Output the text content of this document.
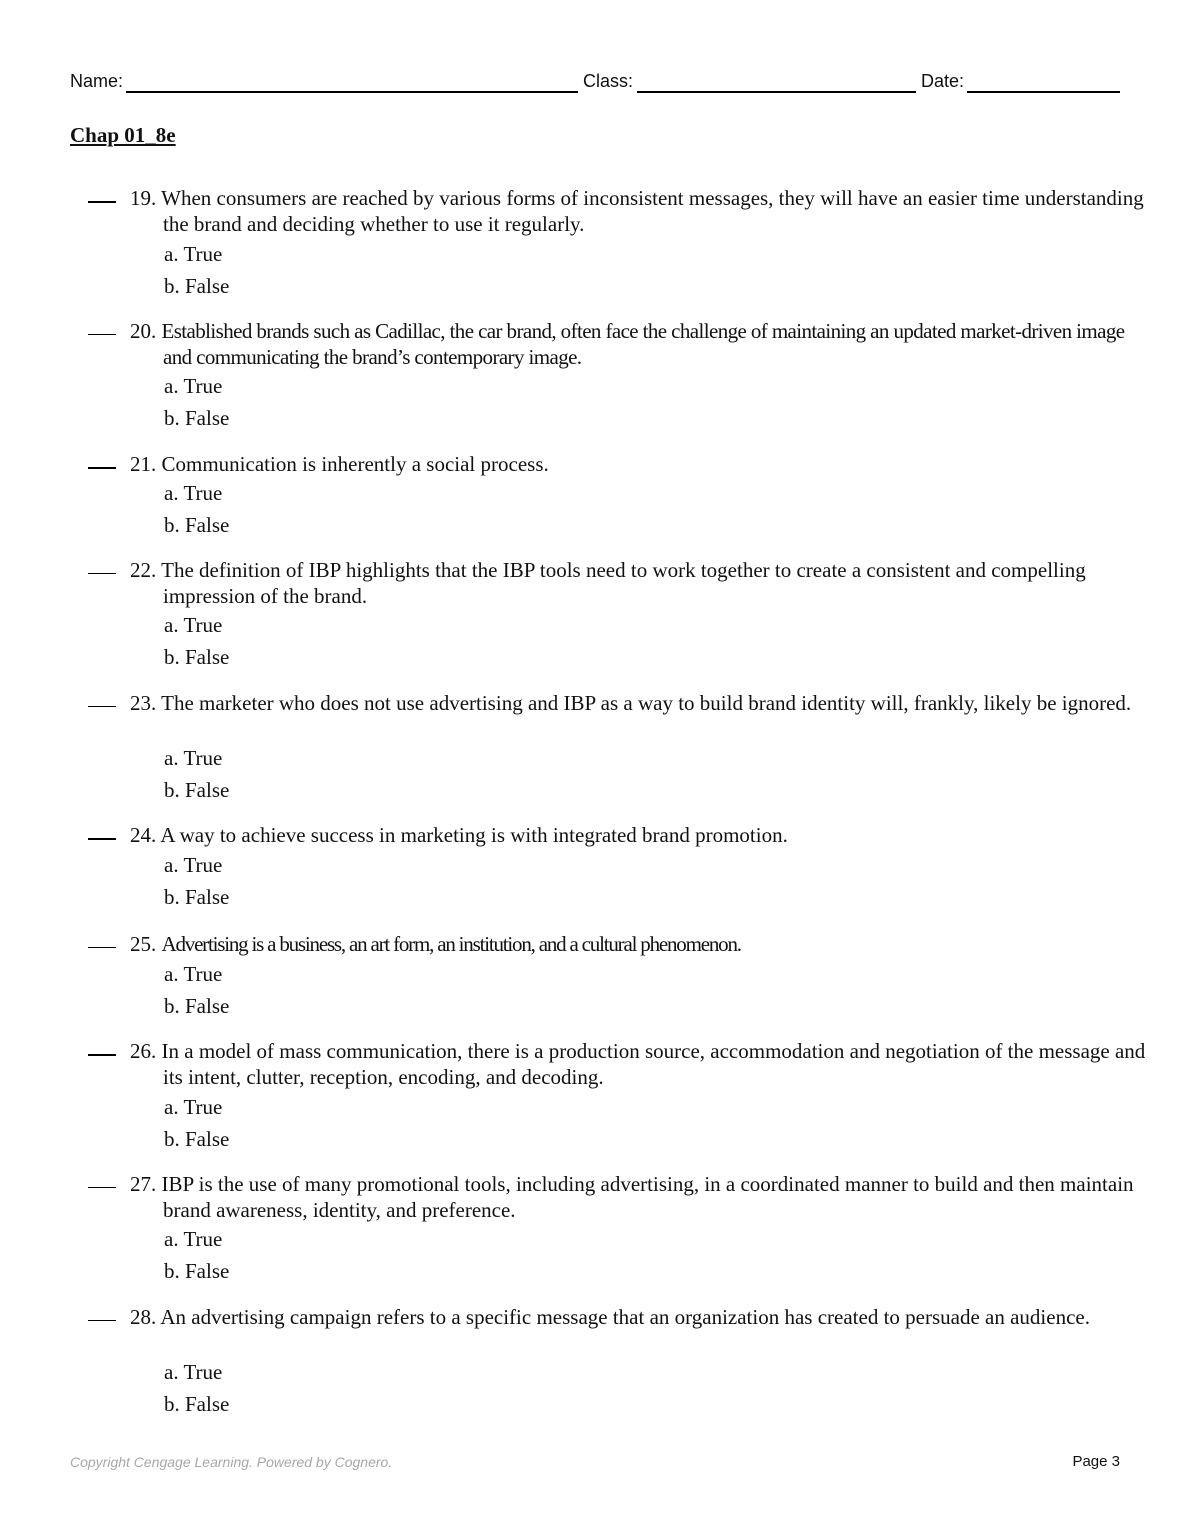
Name:	Class:	Date:
Chap 01_8e

19. When consumers are reached by various forms of inconsistent messages, they will have an easier time understanding the brand and deciding whether to use it regularly.

a. True

b. False

20. Established brands such as Cadillac, the car brand, often face the challenge of maintaining an updated market-driven image and communicating the brand’s contemporary image.

a. True

b. False

21. Communication is inherently a social process.

a. True

b. False

22. The definition of IBP highlights that the IBP tools need to work together to create a consistent and compelling impression of the brand.

a. True

b. False

23. The marketer who does not use advertising and IBP as a way to build brand identity will, frankly, likely be ignored.

a. True

b. False

24. A way to achieve success in marketing is with integrated brand promotion.

a. True

b. False

25. Advertising is a business, an art form, an institution, and a cultural phenomenon.

a. True

b. False

26. In a model of mass communication, there is a production source, accommodation and negotiation of the message and its intent, clutter, reception, encoding, and decoding.

a. True

b. False

27. IBP is the use of many promotional tools, including advertising, in a coordinated manner to build and then maintain brand awareness, identity, and preference.

a. True

b. False

28. An advertising campaign refers to a specific message that an organization has created to persuade an audience.

a. True

b. False

Copyright Cengage Learning. Powered by Cognero.	Page 3
